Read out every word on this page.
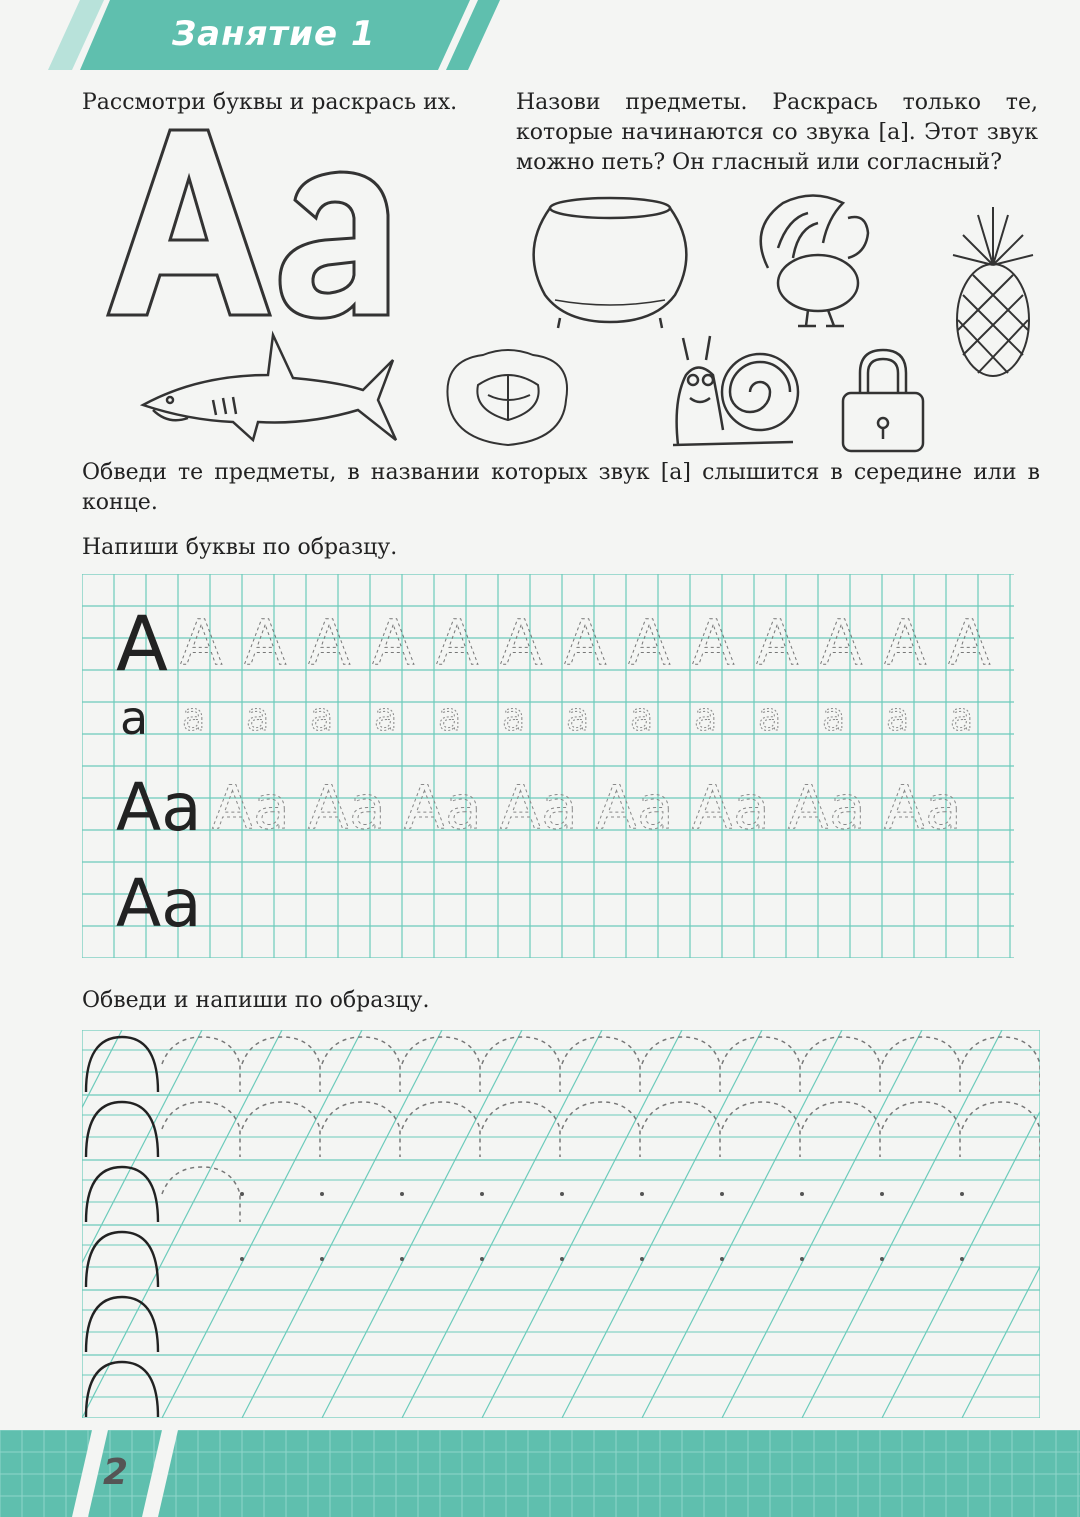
Занятие 1
Рассмотри буквы и раскрась их.	Назови предметы. Раскрась только те, которые начинаются со звука [а]. Этот звук можно петь? Он гласный или согласный?
Обведи те предметы, в названии которых звук [а] слышится в середине или в конце.
Напиши буквы по образцу.
A A A A A A A A A A A A A A
a a a a a a a a a a a a a a
Aa Aa Aa Aa Aa Aa Aa Aa Aa
Aa
Обведи и напиши по образцу.
2
